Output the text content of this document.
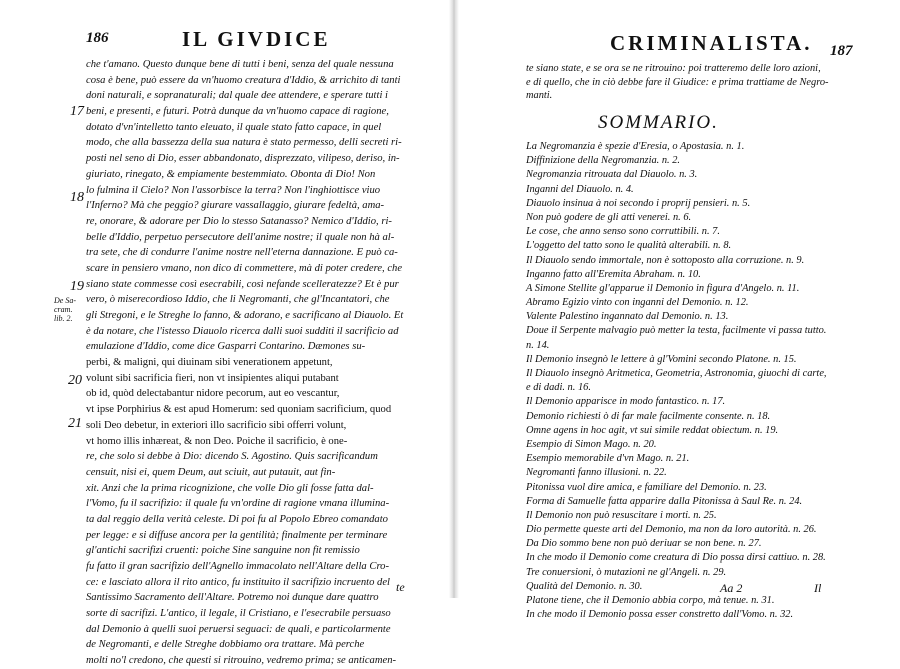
186	IL GIVDICE
17
18
19
20
21
De Sa-
cram.
lib. 2.
che t'amano. Questo dunque bene di tutti i beni, senza del quale nessuna
cosa è bene, può essere da vn'huomo creatura d'Iddio, & arrichito di tanti
doni naturali, e sopranaturali; dal quale dee attendere, e sperare tutti i
beni, e presenti, e futuri. Potrà dunque da vn'huomo capace di ragione,
dotato d'vn'intelletto tanto eleuato, il quale stato fatto capace, in quel
modo, che alla bassezza della sua natura è stato permesso, delli secreti ri-
posti nel seno di Dio, esser abbandonato, disprezzato, vilipeso, deriso, in-
giuriato, rinegato, & empiamente bestemmiato. Obonta di Dio! Non
lo fulmina il Cielo? Non l'assorbisce la terra? Non l'inghiottisce viuo
l'Inferno? Mà che peggio? giurare vassallaggio, giurare fedeltà, ama-
re, onorare, & adorare per Dio lo stesso Satanasso? Nemico d'Iddio, ri-
belle d'Iddio, perpetuo persecutore dell'anime nostre; il quale non hà al-
tra sete, che di condurre l'anime nostre nell'eterna dannazione. E può ca-
scare in pensiero vmano, non dico di commettere, mà di poter credere, che
siano state commesse così esecrabili, così nefande scelleratezze? Et è pur
vero, ò miserecordioso Iddio, che li Negromanti, che gl'Incantatori, che
gli Stregoni, e le Streghe lo fanno, & adorano, e sacrificano al Diauolo. Et
è da notare, che l'istesso Diauolo ricerca dalli suoi sudditi il sacrificio ad
emulazione d'Iddio, come dice Gasparri Contarino. Dæmones su-
perbi, & maligni, qui diuinam sibi venerationem appetunt,
volunt sibi sacrificia fieri, non vt insipientes aliqui putabant
ob id, quòd delectabantur nidore pecorum, aut eo vescantur,
vt ipse Porphirius & est apud Homerum: sed quoniam sacrificium, quod
soli Deo debetur, in exteriori illo sacrificio sibi offerri volunt,
vt homo illis inhæreat, & non Deo. Poiche il sacrificio, è one-
re, che solo si debbe à Dio: dicendo S. Agostino. Quis sacrificandum
censuit, nisi ei, quem Deum, aut sciuit, aut putauit, aut fin-
xit. Anzi che la prima ricognizione, che volle Dio gli fosse fatta dal-
l'Vomo, fu il sacrifizio: il quale fu vn'ordine di ragione vmana illumina-
ta dal reggio della verità celeste. Di poi fu al Popolo Ebreo comandato
per legge: e si diffuse ancora per la gentilità; finalmente per terminare
gl'antichi sacrifizi cruenti: poiche Sine sanguine non fit remissio
fu fatto il gran sacrifizio dell'Agnello immacolato nell'Altare della Cro-
ce: e lasciato allora il rito antico, fu instituito il sacrifizio incruento del
Santissimo Sacramento dell'Altare. Potremo noi dunque dare quattro
sorte di sacrifizi. L'antico, il legale, il Cristiano, e l'esecrabile persuaso
dal Demonio à quelli suoi peruersi seguaci: de quali, e particolarmente
de Negromanti, e delle Streghe dobbiamo ora trattare. Mà perche
molti no'l credono, che questi si ritrouino, vedremo prima; se anticamen-
te
CRIMINALISTA. 187
te siano state, e se ora se ne ritrouino: poi tratteremo delle loro azioni,
e di quello, che in ciò debbe fare il Giudice: e prima trattiame de Negro-
manti.
SOMMARIO.
La Negromanzia è spezie d'Eresia, o Apostasia. n. 1.
Diffinizione della Negromanzia. n. 2.
Negromanzia ritrouata dal Diauolo. n. 3.
Inganni del Diauolo. n. 4.
Diauolo insinua à noi secondo i proprij pensieri. n. 5.
Non può godere de gli atti venerei. n. 6.
Le cose, che anno senso sono corruttibili. n. 7.
L'oggetto del tatto sono le qualità alterabili. n. 8.
Il Diauolo sendo immortale, non è sottoposto alla corruzione. n. 9.
Inganno fatto all'Eremita Abraham. n. 10.
A Simone Stellite gl'apparue il Demonio in figura d'Angelo. n. 11.
Abramo Egizio vinto con inganni del Demonio. n. 12.
Valente Palestino ingannato dal Demonio. n. 13.
Doue il Serpente malvagio può metter la testa, facilmente vi passa tutto.
n. 14.
Il Demonio insegnò le lettere à gl'Vomini secondo Platone. n. 15.
Il Diauolo insegnò Aritmetica, Geometria, Astronomia, giuochi di carte,
e di dadi. n. 16.
Il Demonio apparisce in modo fantastico. n. 17.
Demonio richiesti ò di far male facilmente consente. n. 18.
Omne agens in hoc agit, vt sui simile reddat obiectum. n. 19.
Esempio di Simon Mago. n. 20.
Esempio memorabile d'vn Mago. n. 21.
Negromanti fanno illusioni. n. 22.
Pitonissa vuol dire amica, e familiare del Demonio. n. 23.
Forma di Samuelle fatta apparire dalla Pitonissa à Saul Re. n. 24.
Il Demonio non può resuscitare i morti. n. 25.
Dio permette queste arti del Demonio, ma non da loro autorità. n. 26.
Da Dio sommo bene non può deriuar se non bene. n. 27.
In che modo il Demonio come creatura di Dio possa dirsi cattiuo. n. 28.
Tre conuersioni, ò mutazioni ne gl'Angeli. n. 29.
Qualità del Demonio. n. 30.
Platone tiene, che il Demonio abbia corpo, mà tenue. n. 31.
In che modo il Demonio possa esser constretto dall'Vomo. n. 32.
Aa 2	Il
